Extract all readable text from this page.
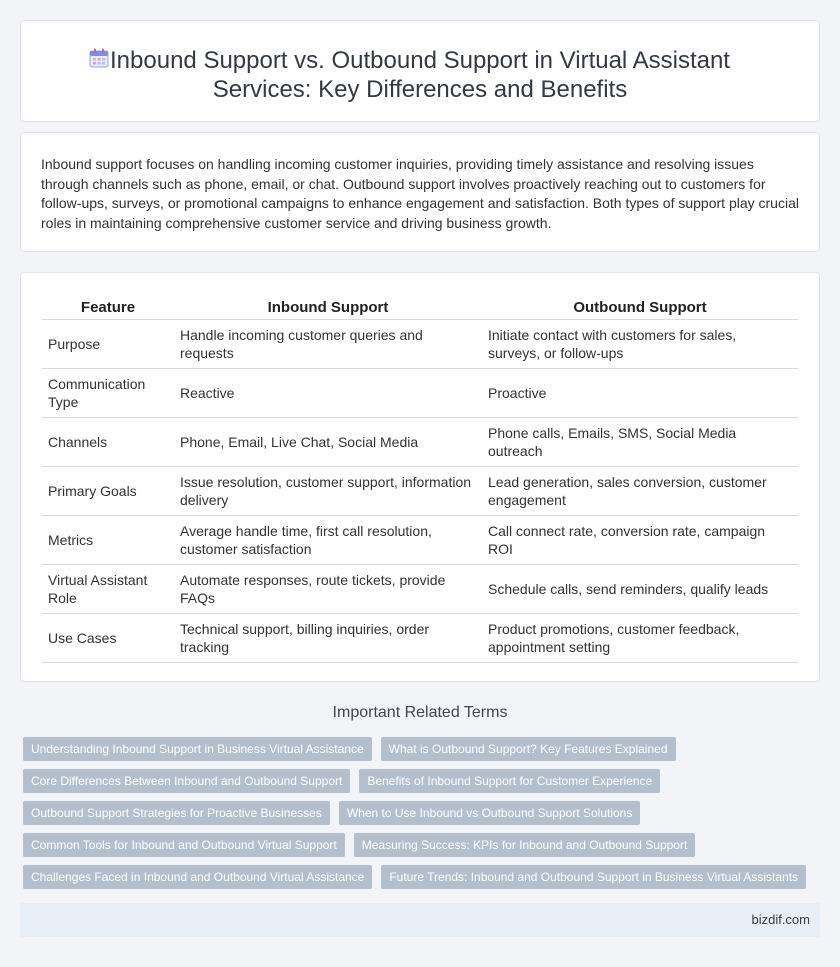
Inbound Support vs. Outbound Support in Virtual Assistant
Services: Key Differences and Benefits

Inbound support focuses on handling incoming customer inquiries, providing timely assistance and resolving issues through channels such as phone, email, or chat. Outbound support involves proactively reaching out to customers for follow-ups, surveys, or promotional campaigns to enhance engagement and satisfaction. Both types of support play crucial roles in maintaining comprehensive customer service and driving business growth.

Feature	Inbound Support	Outbound Support
Purpose	Handle incoming customer queries and requests	Initiate contact with customers for sales, surveys, or follow-ups
Communication Type	Reactive	Proactive
Channels	Phone, Email, Live Chat, Social Media	Phone calls, Emails, SMS, Social Media outreach
Primary Goals	Issue resolution, customer support, information delivery	Lead generation, sales conversion, customer engagement
Metrics	Average handle time, first call resolution, customer satisfaction	Call connect rate, conversion rate, campaign ROI
Virtual Assistant Role	Automate responses, route tickets, provide FAQs	Schedule calls, send reminders, qualify leads
Use Cases	Technical support, billing inquiries, order tracking	Product promotions, customer feedback, appointment setting
Important Related Terms
Understanding Inbound Support in Business Virtual Assistance	What is Outbound Support? Key Features Explained
Core Differences Between Inbound and Outbound Support	Benefits of Inbound Support for Customer Experience
Outbound Support Strategies for Proactive Businesses	When to Use Inbound vs Outbound Support Solutions
Common Tools for Inbound and Outbound Virtual Support	Measuring Success: KPIs for Inbound and Outbound Support
Challenges Faced in Inbound and Outbound Virtual Assistance	Future Trends: Inbound and Outbound Support in Business Virtual Assistants
bizdif.com
